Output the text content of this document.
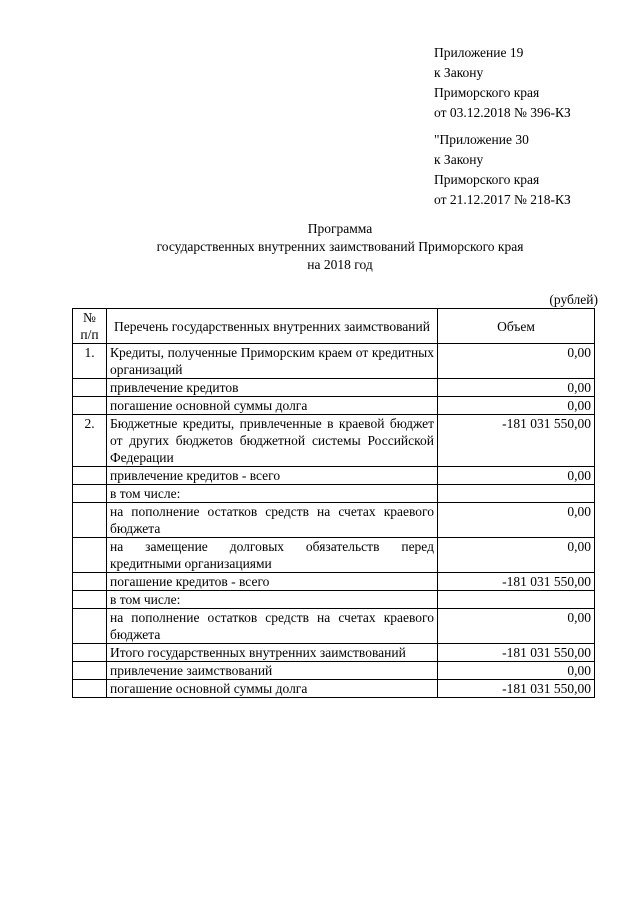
Приложение 19
к Закону
Приморского края
от 03.12.2018 № 396-КЗ
"Приложение 30
к Закону
Приморского края
от 21.12.2017 № 218-КЗ
Программа
государственных внутренних заимствований Приморского края
на 2018 год
(рублей)
№
п/п	Перечень государственных внутренних заимствований	Объем
1.	Кредиты, полученные Приморским краем от кредитных организаций	0,00
	привлечение кредитов	0,00
	погашение основной суммы долга	0,00
2.	Бюджетные кредиты, привлеченные в краевой бюджет от других бюджетов бюджетной системы Российской Федерации	-181 031 550,00
	привлечение кредитов - всего	0,00
	в том числе:	
	на пополнение остатков средств на счетах краевого бюджета	0,00
	на замещение долговых обязательств перед кредитными организациями	0,00
	погашение кредитов - всего	-181 031 550,00
	в том числе:	
	на пополнение остатков средств на счетах краевого бюджета	0,00
	Итого государственных внутренних заимствований	-181 031 550,00
	привлечение заимствований	0,00
	погашение основной суммы долга	-181 031 550,00
